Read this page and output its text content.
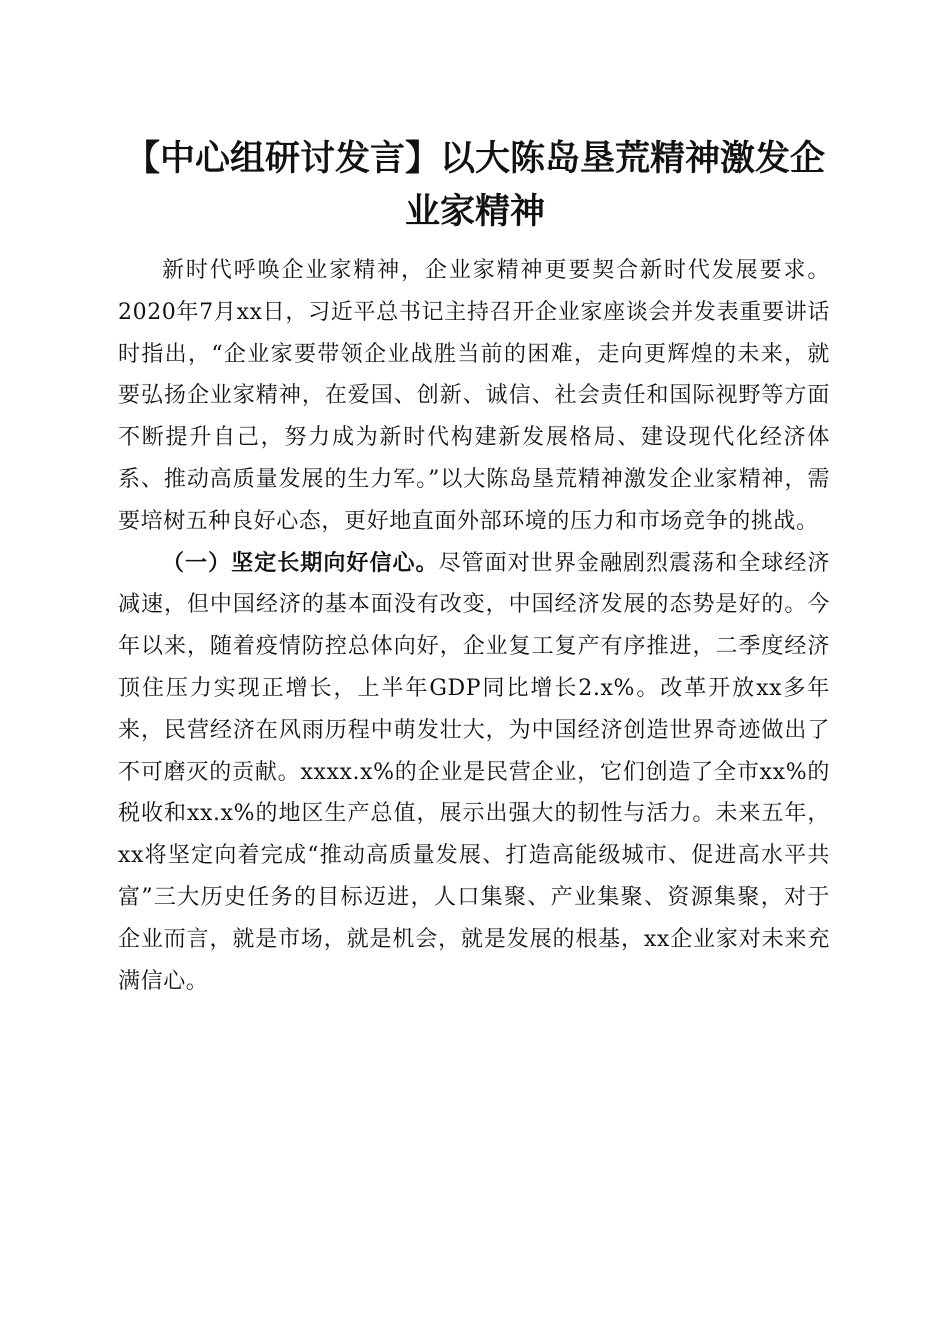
【中心组研讨发言】以大陈岛垦荒精神激发企
业家精神

新时代呼唤企业家精神，企业家精神更要契合新时代发展要求。2020年7月xx日，习近平总书记主持召开企业家座谈会并发表重要讲话时指出，“企业家要带领企业战胜当前的困难，走向更辉煌的未来，就要弘扬企业家精神，在爱国、创新、诚信、社会责任和国际视野等方面不断提升自己，努力成为新时代构建新发展格局、建设现代化经济体系、推动高质量发展的生力军。”以大陈岛垦荒精神激发企业家精神，需要培树五种良好心态，更好地直面外部环境的压力和市场竞争的挑战。

（一）坚定长期向好信心。尽管面对世界金融剧烈震荡和全球经济减速，但中国经济的基本面没有改变，中国经济发展的态势是好的。今年以来，随着疫情防控总体向好，企业复工复产有序推进，二季度经济顶住压力实现正增长，上半年GDP同比增长2.x%。改革开放xx多年来，民营经济在风雨历程中萌发壮大，为中国经济创造世界奇迹做出了不可磨灭的贡献。xxxx.x%的企业是民营企业，它们创造了全市xx%的税收和xx.x%的地区生产总值，展示出强大的韧性与活力。未来五年，xx将坚定向着完成“推动高质量发展、打造高能级城市、促进高水平共富”三大历史任务的目标迈进，人口集聚、产业集聚、资源集聚，对于企业而言，就是市场，就是机会，就是发展的根基，xx企业家对未来充满信心。
